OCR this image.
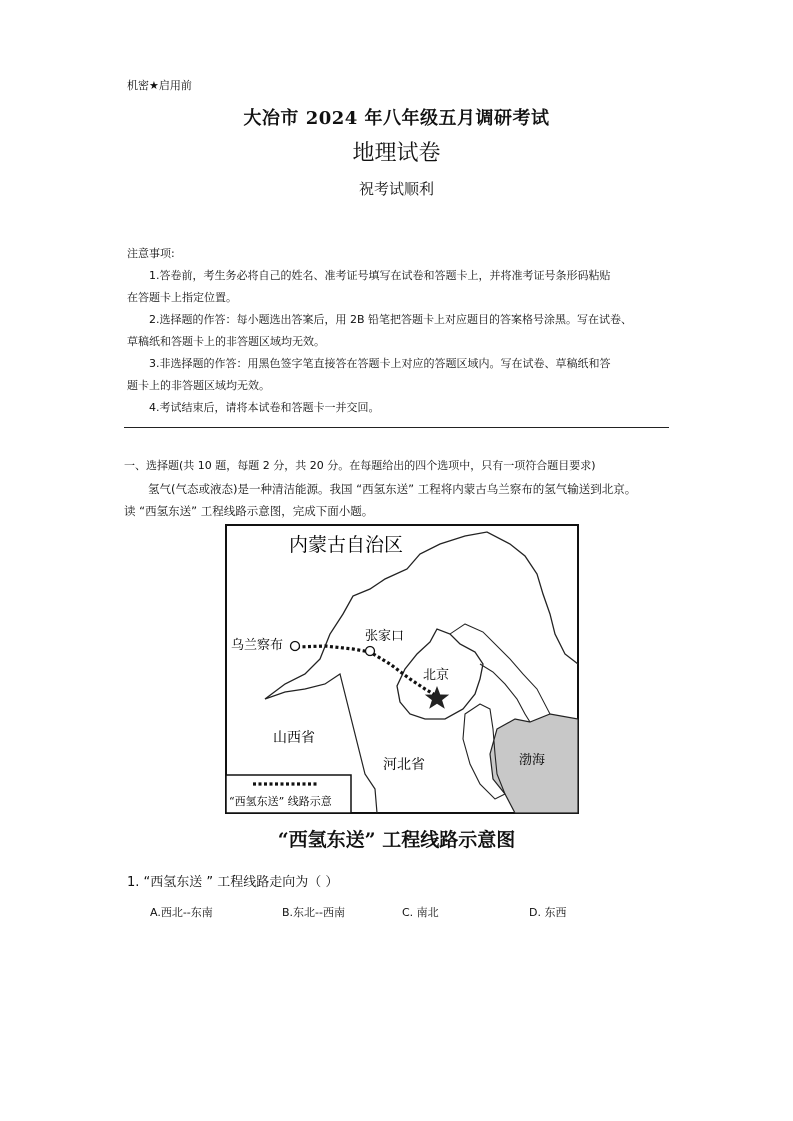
机密★启用前
大冶市 2024 年八年级五月调研考试
地理试卷
祝考试顺利
注意事项:
1.答卷前，考生务必将自己的姓名、准考证号填写在试卷和答题卡上，并将准考证号条形码粘贴
在答题卡上指定位置。
2.选择题的作答：每小题选出答案后，用 2B 铅笔把答题卡上对应题目的答案格号涂黑。写在试卷、
草稿纸和答题卡上的非答题区域均无效。
3.非选择题的作答：用黑色签字笔直接答在答题卡上对应的答题区域内。写在试卷、草稿纸和答
题卡上的非答题区域均无效。
4.考试结束后，请将本试卷和答题卡一并交回。
一、选择题(共 10 题，每题 2 分，共 20 分。在每题给出的四个选项中，只有一项符合题目要求)
氢气(气态或液态)是一种清洁能源。我国 “西氢东送” 工程将内蒙古乌兰察布的氢气输送到北京。
读 “西氢东送” 工程线路示意图，完成下面小题。
内蒙古自治区
乌兰察布
张家口
北京
山西省
河北省	渤海
“西氢东送” 线路示意
“西氢东送” 工程线路示意图
1. “西氢东送 ” 工程线路走向为（ ）
A.西北--东南	B.东北--西南	C. 南北	D. 东西
